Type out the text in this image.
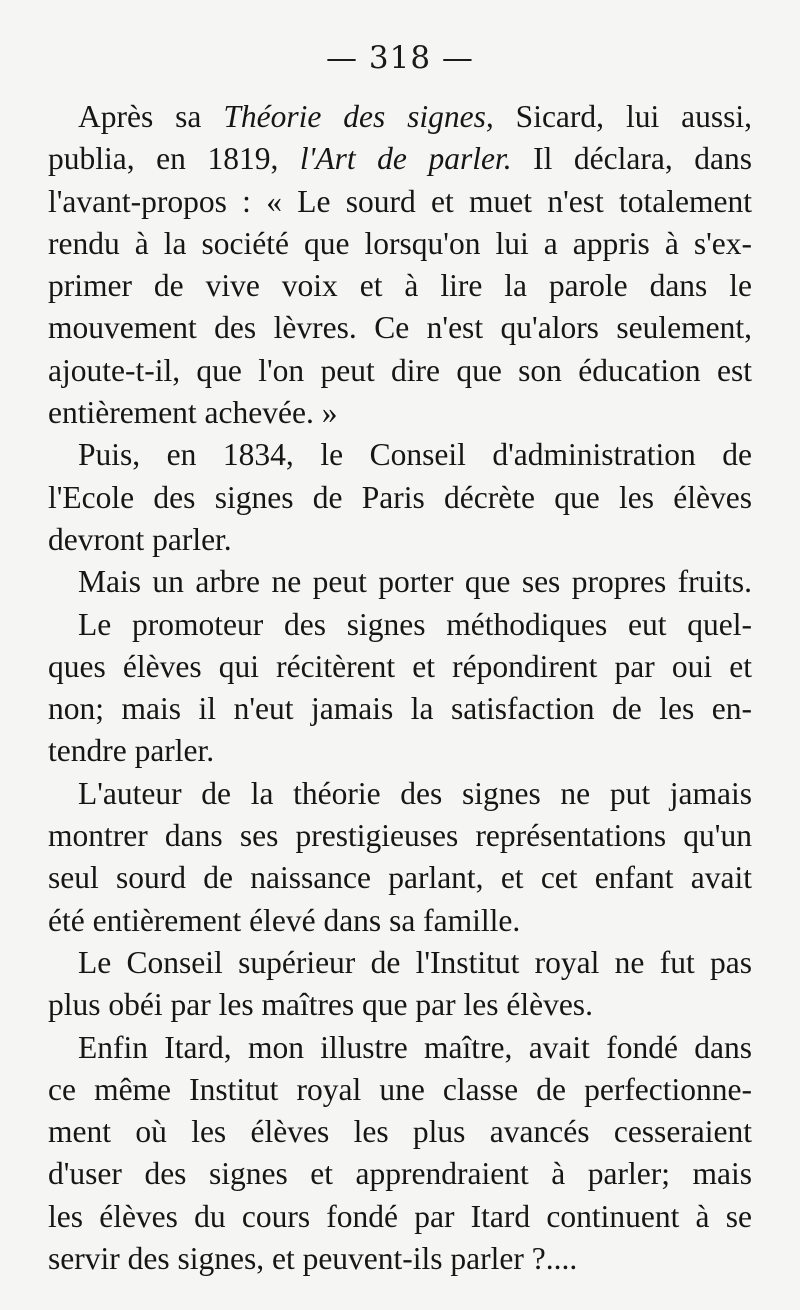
— 318 —
Après sa Théorie des signes, Sicard, lui aussi,
publia, en 1819, l'Art de parler. Il déclara, dans
l'avant-propos : « Le sourd et muet n'est totalement
rendu à la société que lorsqu'on lui a appris à s'ex-
primer de vive voix et à lire la parole dans le
mouvement des lèvres. Ce n'est qu'alors seulement,
ajoute-t-il, que l'on peut dire que son éducation est
entièrement achevée. »
Puis, en 1834, le Conseil d'administration de
l'Ecole des signes de Paris décrète que les élèves
devront parler.
Mais un arbre ne peut porter que ses propres fruits.
Le promoteur des signes méthodiques eut quel-
ques élèves qui récitèrent et répondirent par oui et
non; mais il n'eut jamais la satisfaction de les en-
tendre parler.
L'auteur de la théorie des signes ne put jamais
montrer dans ses prestigieuses représentations qu'un
seul sourd de naissance parlant, et cet enfant avait
été entièrement élevé dans sa famille.
Le Conseil supérieur de l'Institut royal ne fut pas
plus obéi par les maîtres que par les élèves.
Enfin Itard, mon illustre maître, avait fondé dans
ce même Institut royal une classe de perfectionne-
ment où les élèves les plus avancés cesseraient
d'user des signes et apprendraient à parler; mais
les élèves du cours fondé par Itard continuent à se
servir des signes, et peuvent-ils parler ?....
